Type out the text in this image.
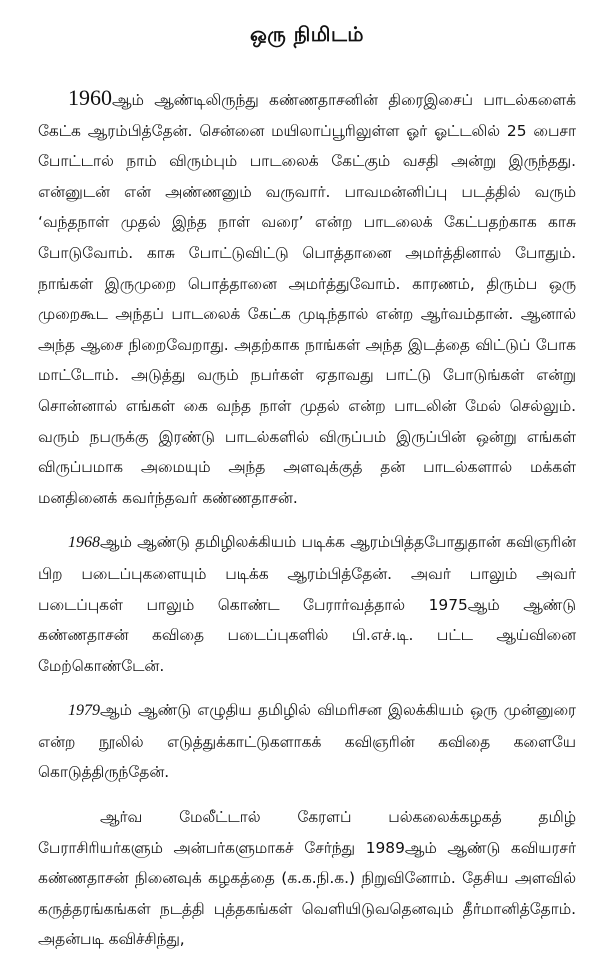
ஒரு நிமிடம்

1960ஆம் ஆண்டிலிருந்து கண்ணதாசனின் திரைஇசைப் பாடல்களைக் கேட்க ஆரம்பித்தேன். சென்னை மயிலாப்பூரிலுள்ள ஓர் ஓட்டலில் 25 பைசா போட்டால் நாம் விரும்பும் பாடலைக் கேட்கும் வசதி அன்று இருந்தது. என்னுடன் என் அண்ணனும் வருவார். பாவமன்னிப்பு படத்தில் வரும் ‘வந்தநாள் முதல் இந்த நாள் வரை’ என்ற பாடலைக் கேட்பதற்காக காசு போடுவோம். காசு போட்டுவிட்டு பொத்தானை அமர்த்தினால் போதும். நாங்கள் இருமுறை பொத்தானை அமர்த்துவோம். காரணம், திரும்ப ஒரு முறைகூட அந்தப் பாடலைக் கேட்க முடிந்தால் என்ற ஆர்வம்தான். ஆனால் அந்த ஆசை நிறைவேறாது. அதற்காக நாங்கள் அந்த இடத்தை விட்டுப் போக மாட்டோம். அடுத்து வரும் நபர்கள் ஏதாவது பாட்டு போடுங்கள் என்று சொன்னால் எங்கள் கை வந்த நாள் முதல் என்ற பாடலின் மேல் செல்லும். வரும் நபருக்கு இரண்டு பாடல்களில் விருப்பம் இருப்பின் ஒன்று எங்கள் விருப்பமாக அமையும் அந்த அளவுக்குத் தன் பாடல்களால் மக்கள் மனதினைக் கவர்ந்தவர் கண்ணதாசன்.

1968ஆம் ஆண்டு தமிழிலக்கியம் படிக்க ஆரம்பித்தபோதுதான் கவிஞரின் பிற படைப்புகளையும் படிக்க ஆரம்பித்தேன். அவர் பாலும் அவர் படைப்புகள் பாலும் கொண்ட பேரார்வத்தால் 1975ஆம் ஆண்டு கண்ணதாசன் கவிதை படைப்புகளில் பி.எச்.டி. பட்ட ஆய்வினை மேற்கொண்டேன்.

1979ஆம் ஆண்டு எழுதிய தமிழில் விமரிசன இலக்கியம் ஒரு முன்னுரை என்ற நூலில் எடுத்துக்காட்டுகளாகக் கவிஞரின் கவிதை களையே கொடுத்திருந்தேன்.

ஆர்வ மேலீட்டால் கேரளப் பல்கலைக்கழகத் தமிழ் பேராசிரியர்களும் அன்பர்களுமாகச் சேர்ந்து 1989ஆம் ஆண்டு கவியரசர் கண்ணதாசன் நினைவுக் கழகத்தை (க.க.நி.க.) நிறுவினோம். தேசிய அளவில் கருத்தரங்கங்கள் நடத்தி புத்தகங்கள் வெளியிடுவதெனவும் தீர்மானித்தோம். அதன்படி கவிச்சிந்து,
